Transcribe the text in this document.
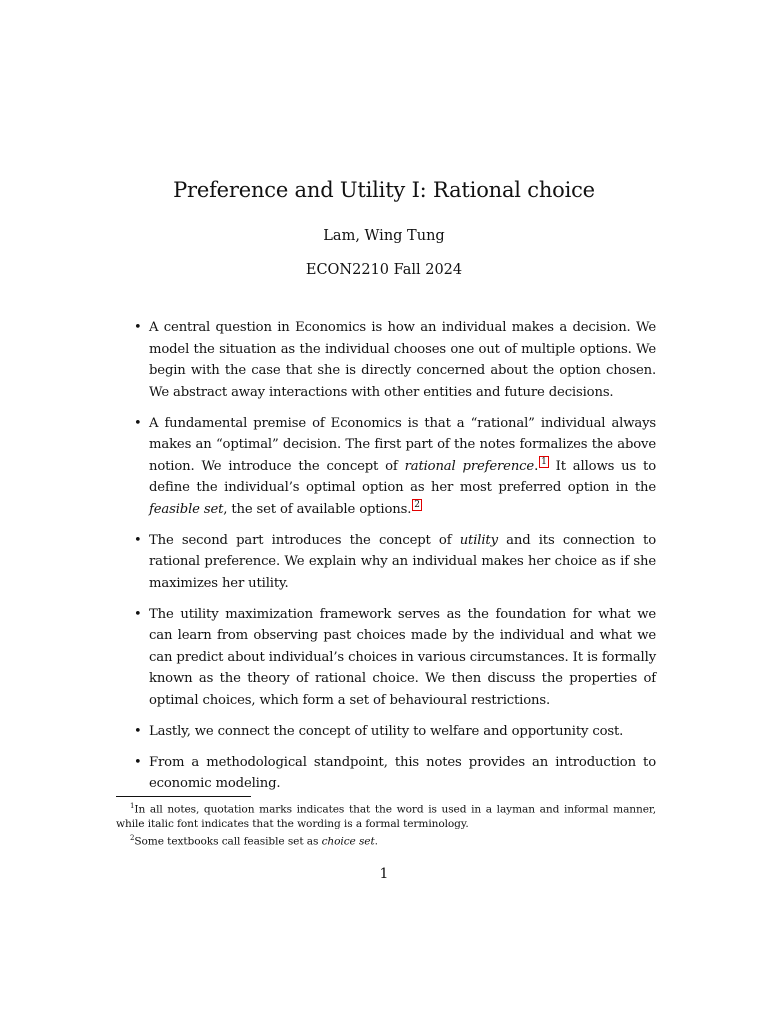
Preference and Utility I: Rational choice
Lam, Wing Tung
ECON2210 Fall 2024
• A central question in Economics is how an individual makes a decision. We model the situation as the individual chooses one out of multiple options. We begin with the case that she is directly concerned about the option chosen. We abstract away interactions with other entities and future decisions.
• A fundamental premise of Economics is that a “rational” individual always makes an “optimal” decision. The first part of the notes formalizes the above notion. We introduce the concept of rational preference. $^1$ It allows us to define the individual’s optimal option as her most preferred option in the feasible set, the set of available options. $^2$
• The second part introduces the concept of utility and its connection to rational preference. We explain why an individual makes her choice as if she maximizes her utility.
• The utility maximization framework serves as the foundation for what we can learn from observing past choices made by the individual and what we can predict about individual’s choices in various circumstances. It is formally known as the theory of rational choice. We then discuss the properties of optimal choices, which form a set of behavioural restrictions.
• Lastly, we connect the concept of utility to welfare and opportunity cost.
• From a methodological standpoint, this notes provides an introduction to economic modeling.

$^1$In all notes, quotation marks indicates that the word is used in a layman and informal manner, while italic font indicates that the wording is a formal terminology.

$^2$Some textbooks call feasible set as choice set.

1
